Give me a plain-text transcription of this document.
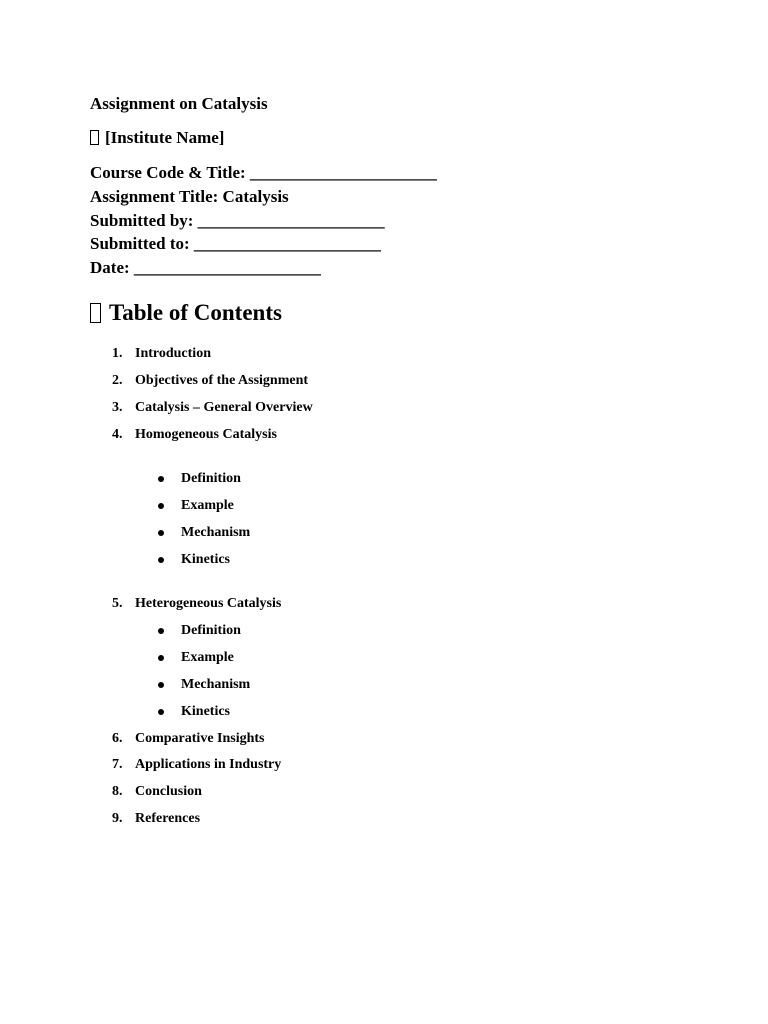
Assignment on Catalysis
[Institute Name]
Course Code & Title: ______________________
Assignment Title: Catalysis
Submitted by: ______________________
Submitted to: ______________________
Date: ______________________
Table of Contents
1. Introduction
2. Objectives of the Assignment
3. Catalysis – General Overview
4. Homogeneous Catalysis
Definition
Example
Mechanism
Kinetics
5. Heterogeneous Catalysis
Definition
Example
Mechanism
Kinetics
6. Comparative Insights
7. Applications in Industry
8. Conclusion
9. References
